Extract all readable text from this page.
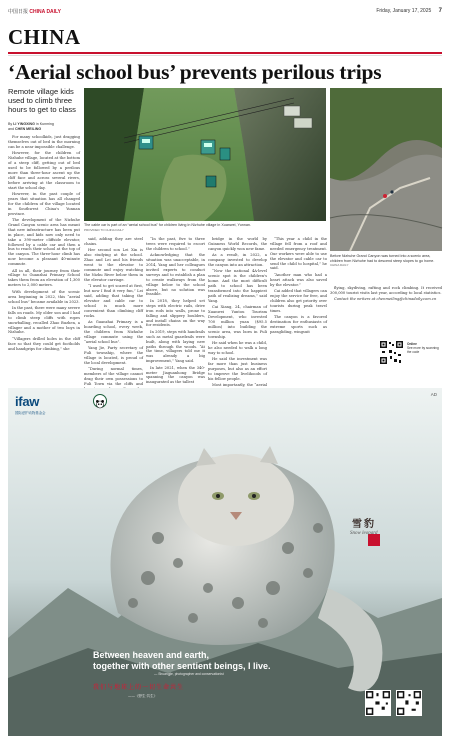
中国日报 CHINA DAILY	Friday, January 17, 2025 7
CHINA
‘Aerial school bus’ prevents perilous trips
Remote village kids used to climb three hours to get to class
By LI YINGXING in Kunming
and CHEN MEILING

For many schoolkids, just dragging themselves out of bed in the morning can be a near impossible challenge.

However, for the children of Nizhuhe village, located at the bottom of a steep cliff, getting out of bed used to be followed by a perilous more than three-hour ascent up the cliff face and across several rivers, before arriving at the classroom to start the school day.

However, in the past couple of years that situation has all changed for the children of the village located in Southwest China's Yunnan province.

The development of the Nizhuhe Grand Canyon scenic area has meant that new infrastructure has been put in place, and kids now only need to take a 390-meter cliffside elevator, followed by a cable car and then a bus to reach their school at the top of the canyon. The three-hour climb has now become a pleasant 40-minute commute.

All in all, their journey from their village to Guanzhai Primary School takes them from an elevation of 1,300 meters to 2,000 meters.

With development of the scenic area beginning in 2022, this “aerial school bus” became available in 2023.

In the past, there were many severe falls on roads. My older son and I had to climb steep cliffs with ropes snowballing, recalled Zhao Buzhen, a villager and a mother of two boys in Nizhuhe.

“Villagers drilled holes in the cliff face so that they could get footholds and handgrips for climbing,” she

The cable car is part of an “aerial school bus” for children living in Nizhuhe village in Xuanwei, Yunnan.
PROVIDED TO CHINA DAILY
Before Nizhuhe Grand Canyon was turned into a scenic area, children from Nizhuhe had to descend steep slopes to go home. CHINA DAILY

said, adding they are steel chains.

Her second son Lei Xin is also studying at the school. Zhao and Lei and his friends went to the elevator to commute and enjoy watching the Nizhu River below them in the elevator carriage.

“I used to get scared at first, but now I find it very fun,” Lei said, adding that taking the elevator and cable car to school is much more convenient than climbing cliff rocks.

As Guanzhai Primary is a boarding school, every week, the children from Nizhuhe village commute using the “aerial school bus”.

Yang Jie, Party secretary of Fuli township, where the village is located, is proud of the local development.

“During normal times, members of the village cannot drag their own possessions to Fuli Town via the cliffs and

“In the past, five to three trees were required to escort the children to school.”

Acknowledging that the situation was unacceptable, in 2014, Yang and her colleagues invited experts to conduct surveys and to establish a plan to create walkways from the village below to the school above, but no solution was feasible.

In 2018, they helped set steps with electric rails, drive iron rods into walls, prone to falling and slippery boulders, and install chains on the way for residents.

In 2019, steps with handrails such as metal guardrails were built, along with laying new paths through the woods. “At the time, villagers told me it was already a big improvement,” Yang said.

In late 2021, when the 340-meter Jiaguanhong Bridge spanning the canyon was inaugurated as the tallest

bridge in the world by Guinness World Records, the canyon quickly won new fame.

As a result, in 2022, a company invested to develop the canyon into an attraction.

“Now the national 4A-level scenic spot is the children's home. And the most difficult path to school has been transformed into the happiest path of realizing dreams,” said Yang.

Cai Xiang, 24, chairman of Xuanwei Yuntou Tourism Development, who invested 700 million yuan ($95.5 million) into building the scenic area, was born in Fuli township.

He said when he was a child, he also needed to walk a long way to school.

He said the investment was far more than just business purposes, but also as an effort to improve the livelihoods of his fellow people.

Most importantly, the “aerial

“This year a child in the village fell from a roof and needed emergency treatment. Our workers were able to use the elevator and cable car to send the child to hospital,” he said.

“Another man who had a heart attack was also saved by the elevator.”

Cai added that villagers can enjoy the service for free, and children also get priority over tourists during peak travel times.

The canyon is a favored destination for enthusiasts of extreme sports such as paragliding, wingsuit

flying, skydiving, rafting and rock climbing. It received 300,000 tourist visits last year, according to local statistics.

Contact the writers at chenmeiling@chinadaily.com.cn

Online
See more by scanning the code
AD
ifaw
国际爱护动物基金会
雪豹
Snow leopard
Between heaven and earth,
together with other sentient beings, I live.
— Shuangjie, photographer and conservationist
我们与地球上的一切生命共生
——《野生·共生》
